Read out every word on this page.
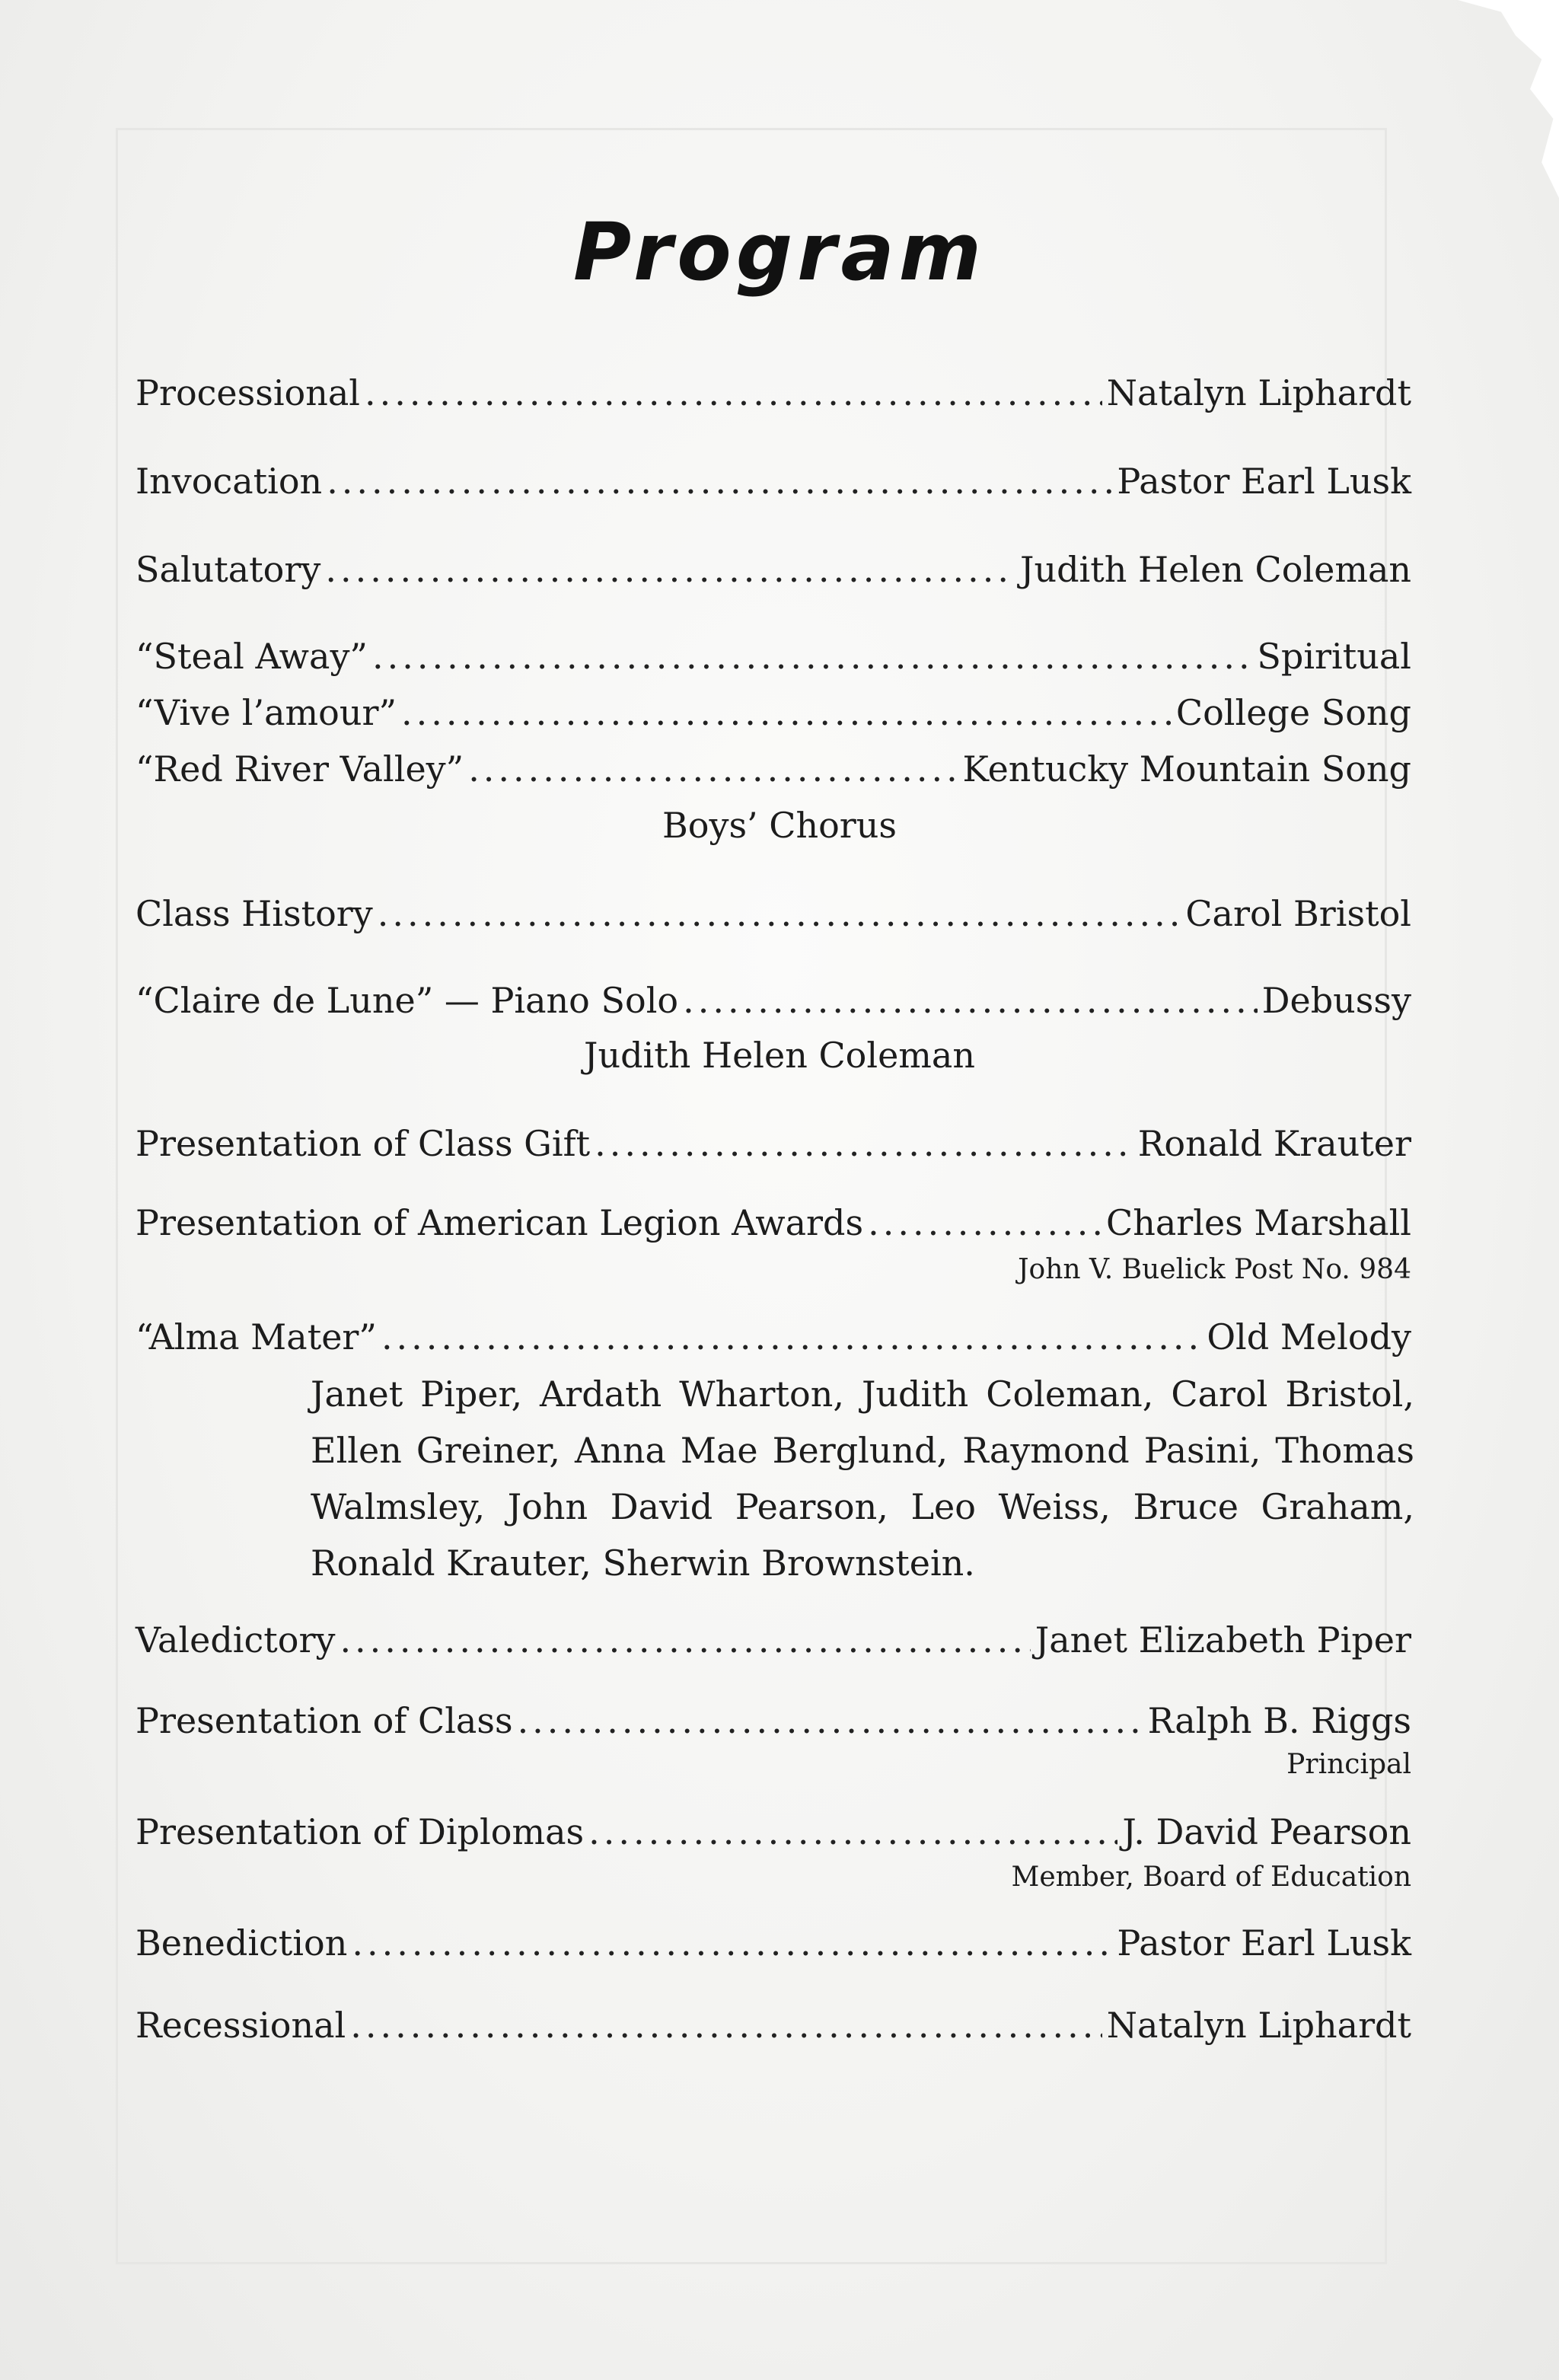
Program
Processional .....	Natalyn Liphardt
Invocation .....	Pastor Earl Lusk
Salutatory .....	Judith Helen Coleman
“Steal Away” .....	Spiritual
“Vive l’amour” .....	College Song
“Red River Valley” .....	Kentucky Mountain Song
Boys’ Chorus
Class History .....	Carol Bristol
“Claire de Lune” — Piano Solo .....	Debussy
Judith Helen Coleman
Presentation of Class Gift .....	Ronald Krauter
Presentation of American Legion Awards .....	Charles Marshall
John V. Buelick Post No. 984
“Alma Mater” .....	Old Melody
Janet Piper, Ardath Wharton, Judith Coleman, Carol Bristol, Ellen Greiner, Anna Mae Berglund, Raymond Pasini, Thomas Walmsley, John David Pearson, Leo Weiss, Bruce Graham, Ronald Krauter, Sherwin Brownstein.
Valedictory .....	Janet Elizabeth Piper
Presentation of Class .....	Ralph B. Riggs
Principal
Presentation of Diplomas .....	J. David Pearson
Member, Board of Education
Benediction .....	Pastor Earl Lusk
Recessional .....	Natalyn Liphardt
